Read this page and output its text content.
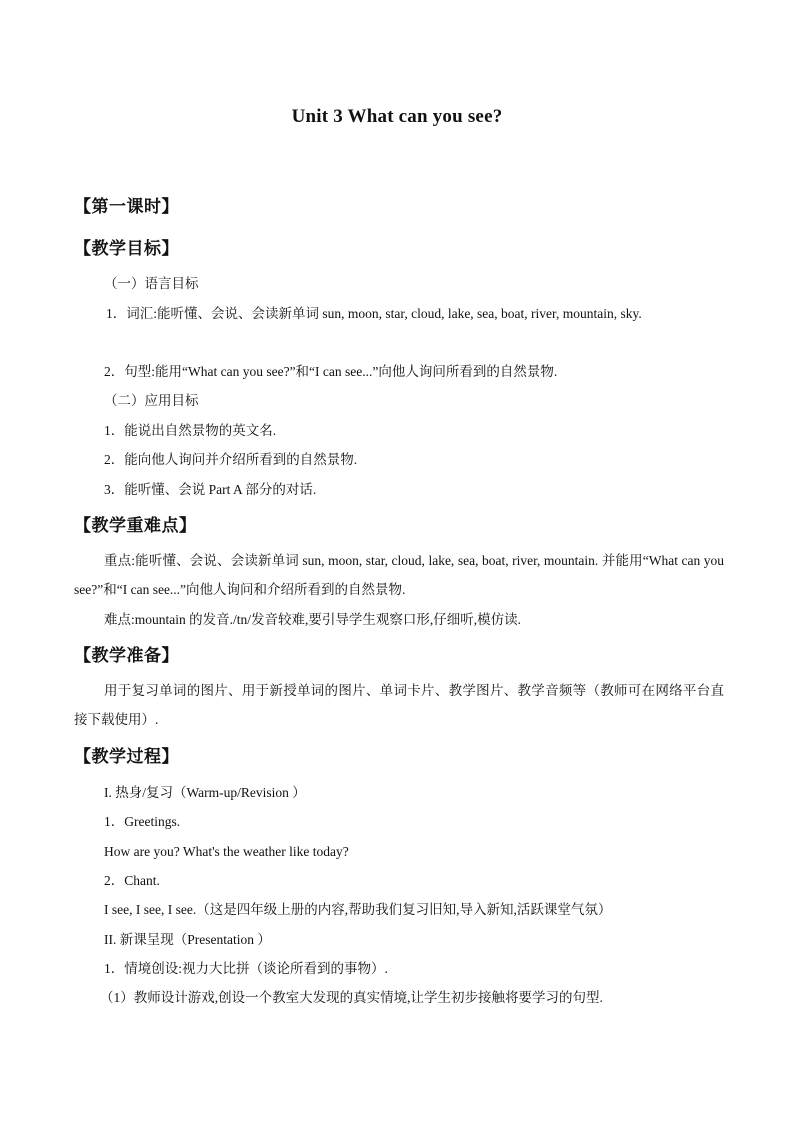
Unit 3 What can you see?
【第一课时】
【教学目标】
（一）语言目标
1．词汇:能听懂、会说、会读新单词 sun, moon, star, cloud, lake, sea, boat, river, mountain, sky.
2．句型:能用“What can you see?”和“I can see...”向他人询问所看到的自然景物.
（二）应用目标
1．能说出自然景物的英文名.
2．能向他人询问并介绍所看到的自然景物.
3．能听懂、会说 Part A 部分的对话.
【教学重难点】
重点:能听懂、会说、会读新单词 sun, moon, star, cloud, lake, sea, boat, river, mountain. 并能用“What can you see?”和“I can see...”向他人询问和介绍所看到的自然景物.
难点:mountain 的发音./tn/发音较难,要引导学生观察口形,仔细听,模仿读.
【教学准备】
用于复习单词的图片、用于新授单词的图片、单词卡片、教学图片、教学音频等（教师可在网络平台直接下载使用）.
【教学过程】
I. 热身/复习（Warm-up/Revision ）
1．Greetings.
How are you? What's the weather like today?
2．Chant.
I see, I see, I see.（这是四年级上册的内容,帮助我们复习旧知,导入新知,活跃课堂气氛）
II. 新课呈现（Presentation ）
1．情境创设:视力大比拼（谈论所看到的事物）.
（1）教师设计游戏,创设一个教室大发现的真实情境,让学生初步接触将要学习的句型.
